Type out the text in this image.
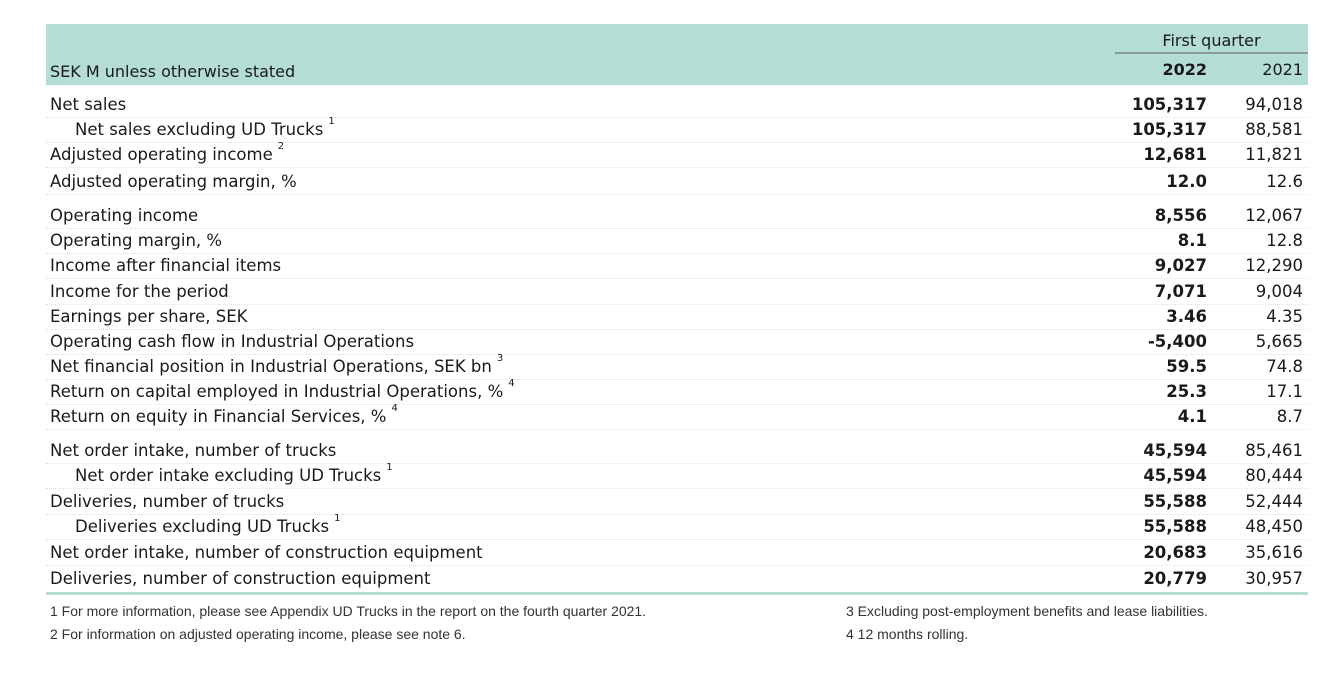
SEK M unless otherwise stated
First quarter
2022	2021
Net sales	105,317	94,018
Net sales excluding UD Trucks $^1$	105,317	88,581
Adjusted operating income $^2$	12,681	11,821
Adjusted operating margin, %	12.0	12.6
Operating income	8,556	12,067
Operating margin, %	8.1	12.8
Income after financial items	9,027	12,290
Income for the period	7,071	9,004
Earnings per share, SEK	3.46	4.35
Operating cash flow in Industrial Operations	-5,400	5,665
Net financial position in Industrial Operations, SEK bn $^3$	59.5	74.8
Return on capital employed in Industrial Operations, % $^4$	25.3	17.1
Return on equity in Financial Services, % $^4$	4.1	8.7
Net order intake, number of trucks	45,594	85,461
Net order intake excluding UD Trucks $^1$	45,594	80,444
Deliveries, number of trucks	55,588	52,444
Deliveries excluding UD Trucks $^1$	55,588	48,450
Net order intake, number of construction equipment	20,683	35,616
Deliveries, number of construction equipment	20,779	30,957
1 For more information, please see Appendix UD Trucks in the report on the fourth quarter 2021.
2 For information on adjusted operating income, please see note 6.
3 Excluding post-employment benefits and lease liabilities.
4 12 months rolling.
